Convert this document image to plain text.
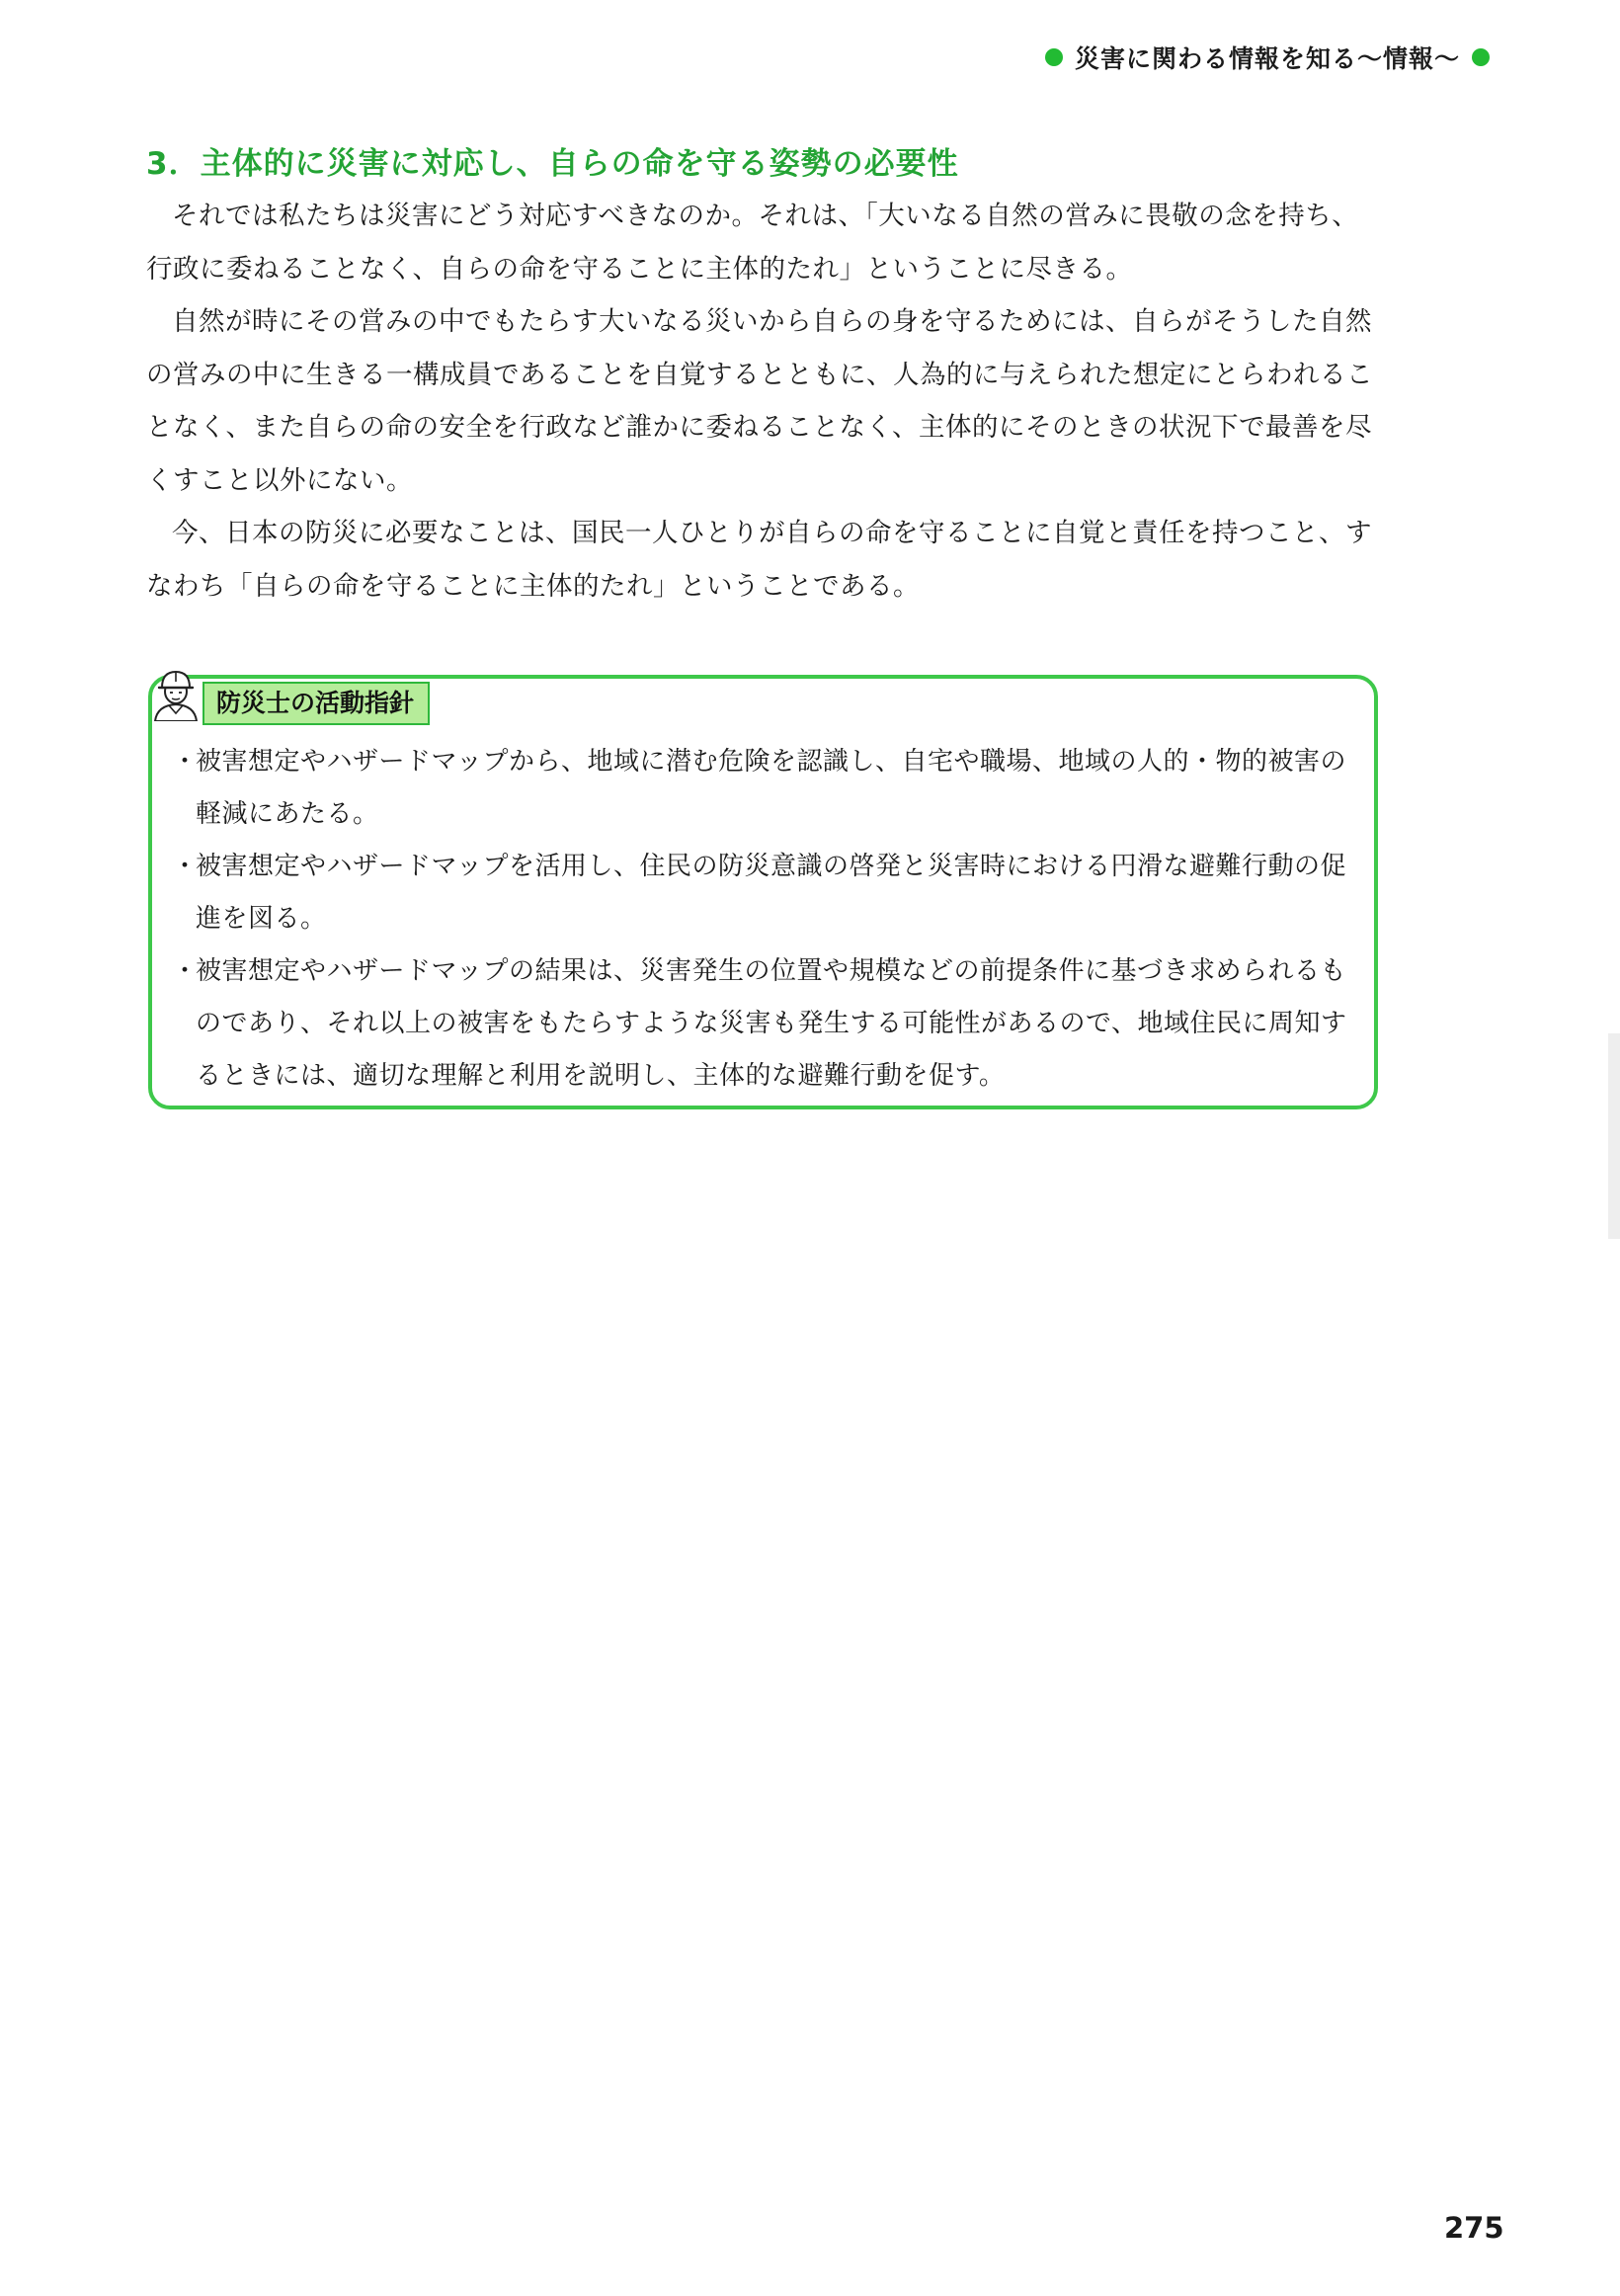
災害に関わる情報を知る〜情報〜
3．主体的に災害に対応し、自らの命を守る姿勢の必要性

それでは私たちは災害にどう対応すべきなのか。それは、「大いなる自然の営みに畏敬の念を持ち、行政に委ねることなく、自らの命を守ることに主体的たれ」ということに尽きる。

自然が時にその営みの中でもたらす大いなる災いから自らの身を守るためには、自らがそうした自然の営みの中に生きる一構成員であることを自覚するとともに、人為的に与えられた想定にとらわれることなく、また自らの命の安全を行政など誰かに委ねることなく、主体的にそのときの状況下で最善を尽くすこと以外にない。

今、日本の防災に必要なことは、国民一人ひとりが自らの命を守ることに自覚と責任を持つこと、すなわち「自らの命を守ることに主体的たれ」ということである。

防災士の活動指針
・
被害想定やハザードマップから、地域に潜む危険を認識し、自宅や職場、地域の人的・物的被害の軽減にあたる。
・
被害想定やハザードマップを活用し、住民の防災意識の啓発と災害時における円滑な避難行動の促進を図る。
・
被害想定やハザードマップの結果は、災害発生の位置や規模などの前提条件に基づき求められるものであり、それ以上の被害をもたらすような災害も発生する可能性があるので、地域住民に周知するときには、適切な理解と利用を説明し、主体的な避難行動を促す。
275
